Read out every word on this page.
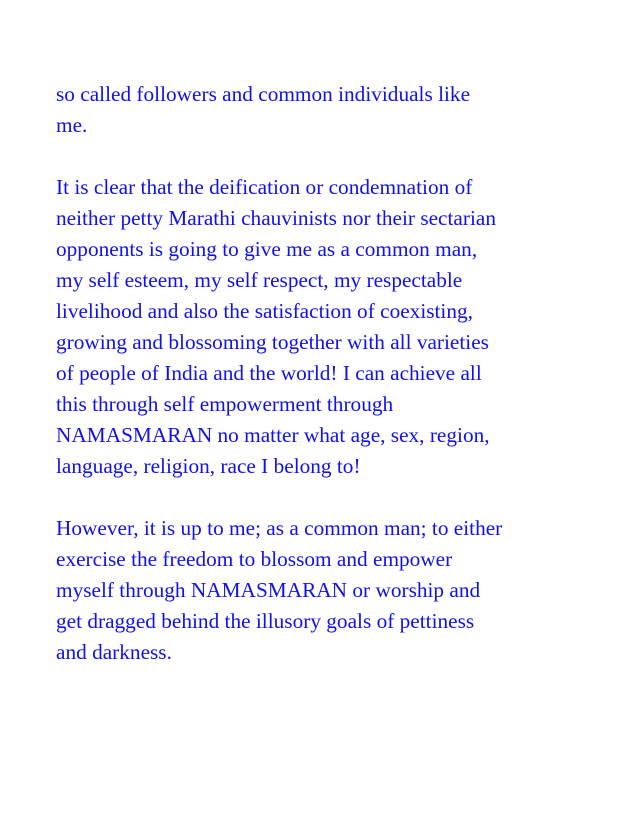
so called followers and common individuals like
me.

It is clear that the deification or condemnation of
neither petty Marathi chauvinists nor their sectarian
opponents is going to give me as a common man,
my self esteem, my self respect, my respectable
livelihood and also the satisfaction of coexisting,
growing and blossoming together with all varieties
of people of India and the world! I can achieve all
this through self empowerment through
NAMASMARAN no matter what age, sex, region,
language, religion, race I belong to!

However, it is up to me; as a common man; to either
exercise the freedom to blossom and empower
myself through NAMASMARAN or worship and
get dragged behind the illusory goals of pettiness
and darkness.
